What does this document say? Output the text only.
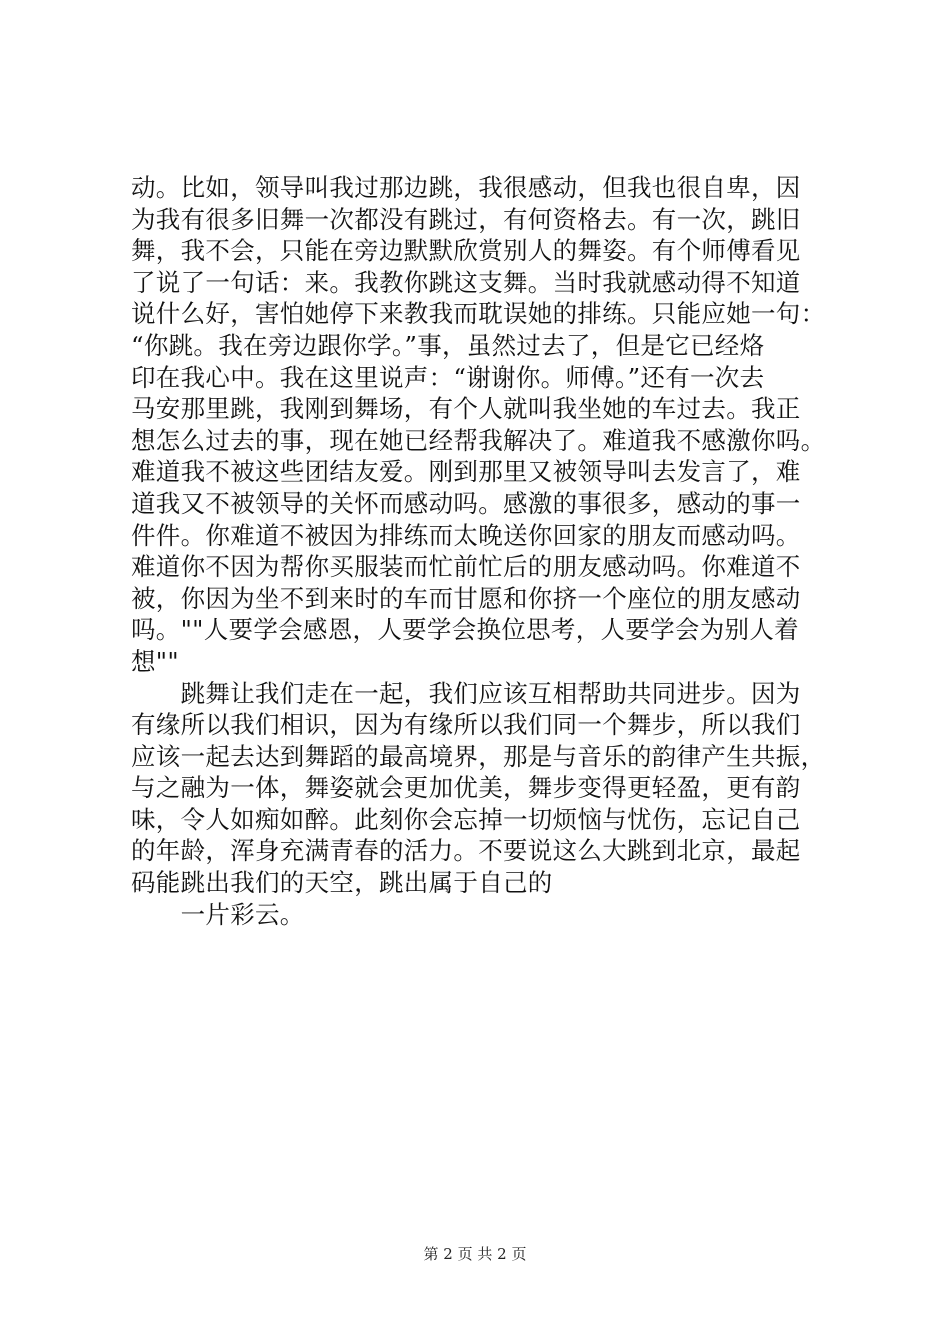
动。比如，领导叫我过那边跳，我很感动，但我也很自卑，因
为我有很多旧舞一次都没有跳过，有何资格去。有一次，跳旧
舞，我不会，只能在旁边默默欣赏别人的舞姿。有个师傅看见
了说了一句话：来。我教你跳这支舞。当时我就感动得不知道
说什么好，害怕她停下来教我而耽误她的排练。只能应她一句：
“你跳。我在旁边跟你学。”事，虽然过去了，但是它已经烙
印在我心中。我在这里说声：“谢谢你。师傅。”还有一次去
马安那里跳，我刚到舞场，有个人就叫我坐她的车过去。我正
想怎么过去的事，现在她已经帮我解决了。难道我不感激你吗。
难道我不被这些团结友爱。刚到那里又被领导叫去发言了，难
道我又不被领导的关怀而感动吗。感激的事很多，感动的事一
件件。你难道不被因为排练而太晚送你回家的朋友而感动吗。
难道你不因为帮你买服装而忙前忙后的朋友感动吗。你难道不
被，你因为坐不到来时的车而甘愿和你挤一个座位的朋友感动
吗。""人要学会感恩，人要学会换位思考，人要学会为别人着
想""
　　跳舞让我们走在一起，我们应该互相帮助共同进步。因为
有缘所以我们相识，因为有缘所以我们同一个舞步，所以我们
应该一起去达到舞蹈的最高境界，那是与音乐的韵律产生共振，
与之融为一体，舞姿就会更加优美，舞步变得更轻盈，更有韵
味，令人如痴如醉。此刻你会忘掉一切烦恼与忧伤，忘记自己
的年龄，浑身充满青春的活力。不要说这么大跳到北京，最起
码能跳出我们的天空，跳出属于自己的
　　一片彩云。
第 2 页 共 2 页
